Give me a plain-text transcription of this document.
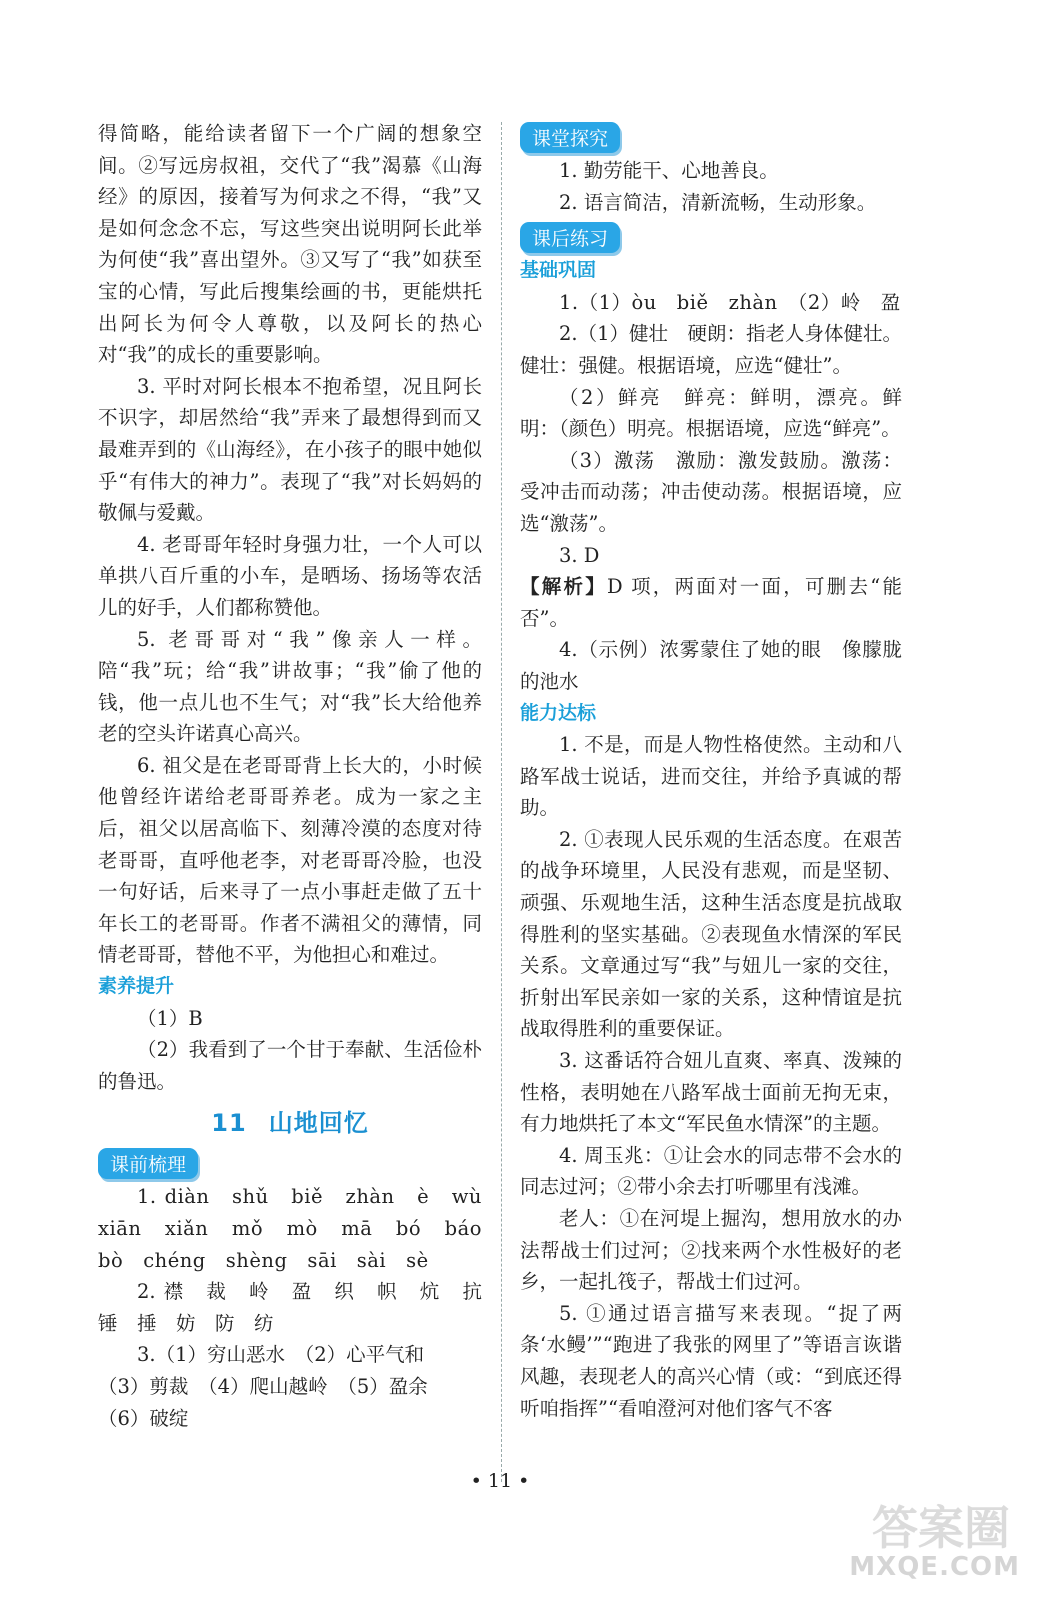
得简略，能给读者留下一个广阔的想象空间。②写远房叔祖，交代了“我”渴慕《山海经》的原因，接着写为何求之不得，“我”又是如何念念不忘，写这些突出说明阿长此举为何使“我”喜出望外。③又写了“我”如获至宝的心情，写此后搜集绘画的书，更能烘托出阿长为何令人尊敬，以及阿长的热心对“我”的成长的重要影响。

3. 平时对阿长根本不抱希望，况且阿长不识字，却居然给“我”弄来了最想得到而又最难弄到的《山海经》，在小孩子的眼中她似乎“有伟大的神力”。表现了“我”对长妈妈的敬佩与爱戴。

4. 老哥哥年轻时身强力壮，一个人可以单拱八百斤重的小车，是晒场、扬场等农活儿的好手，人们都称赞他。

5. 老哥哥对“我”像亲人一样。陪“我”玩；给“我”讲故事；“我”偷了他的钱，他一点儿也不生气；对“我”长大给他养老的空头许诺真心高兴。

6. 祖父是在老哥哥背上长大的，小时候他曾经许诺给老哥哥养老。成为一家之主后，祖父以居高临下、刻薄冷漠的态度对待老哥哥，直呼他老李，对老哥哥冷脸，也没一句好话，后来寻了一点小事赶走做了五十年长工的老哥哥。作者不满祖父的薄情，同情老哥哥，替他不平，为他担心和难过。

素养提升

（1）B

（2）我看到了一个甘于奉献、生活俭朴的鲁迅。

11 山地回忆
课前梳理

1. diàn　shǔ　biě　zhàn　è　wù　xiān　xiǎn　mǒ　mò　mā　bó　báo　bò　chéng　shèng　sāi　sài　sè

2. 襟　裁　岭　盈　织　帜　炕　抗　锤　捶　妨　防　纺

3.（1）穷山恶水　（2）心平气和

（3）剪裁　（4）爬山越岭　（5）盈余

（6）破绽

课堂探究

1. 勤劳能干、心地善良。

2. 语言简洁，清新流畅，生动形象。

课后练习

基础巩固

1.（1）òu　biě　zhàn　（2）岭　盈

2.（1）健壮　硬朗：指老人身体健壮。健壮：强健。根据语境，应选“健壮”。

（2）鲜亮　鲜亮：鲜明，漂亮。鲜明：（颜色）明亮。根据语境，应选“鲜亮”。

（3）激荡　激励：激发鼓励。激荡：受冲击而动荡；冲击使动荡。根据语境，应选“激荡”。

3. D

【解析】D 项，两面对一面，可删去“能否”。

4.（示例）浓雾蒙住了她的眼　像朦胧的池水

能力达标

1. 不是，而是人物性格使然。主动和八路军战士说话，进而交往，并给予真诚的帮助。

2. ①表现人民乐观的生活态度。在艰苦的战争环境里，人民没有悲观，而是坚韧、顽强、乐观地生活，这种生活态度是抗战取得胜利的坚实基础。②表现鱼水情深的军民关系。文章通过写“我”与妞儿一家的交往，折射出军民亲如一家的关系，这种情谊是抗战取得胜利的重要保证。

3. 这番话符合妞儿直爽、率真、泼辣的性格，表明她在八路军战士面前无拘无束，有力地烘托了本文“军民鱼水情深”的主题。

4. 周玉兆：①让会水的同志带不会水的同志过河；②带小余去打听哪里有浅滩。

老人：①在河堤上掘沟，想用放水的办法帮战士们过河；②找来两个水性极好的老乡，一起扎筏子，帮战士们过河。

5. ①通过语言描写来表现。“捉了两条‘水鳗’”“跑进了我张的网里了”等语言诙谐风趣，表现老人的高兴心情（或：“到底还得听咱指挥”“看咱澄河对他们客气不客

• 11 •
答案圈
MXQE.COM
